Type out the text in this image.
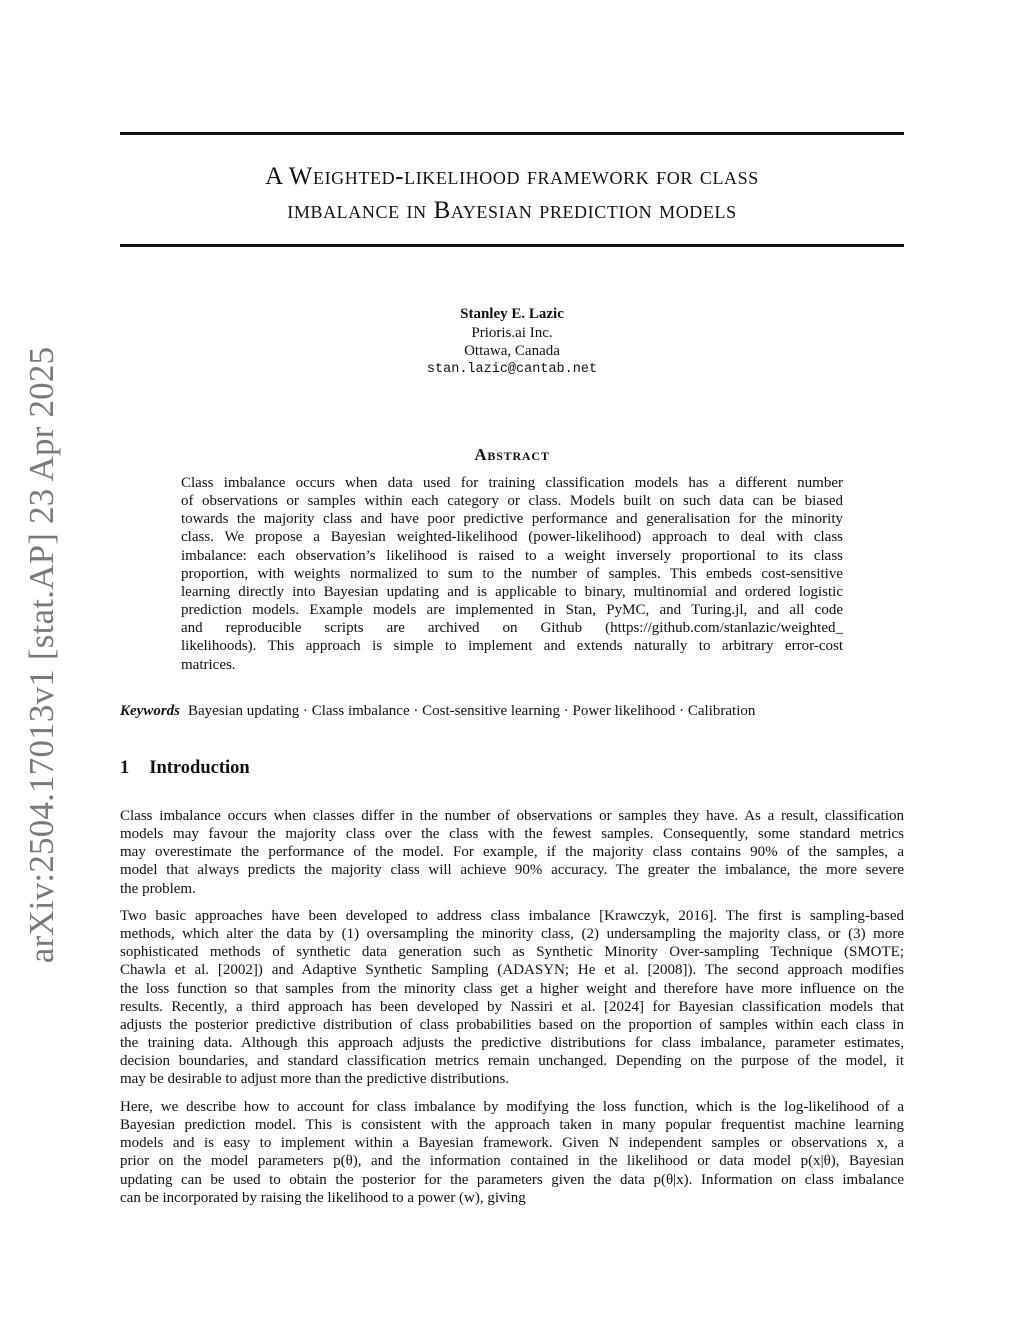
arXiv:2504.17013v1 [stat.AP] 23 Apr 2025
A Weighted-likelihood framework for class
imbalance in Bayesian prediction models
Stanley E. Lazic
Prioris.ai Inc.
Ottawa, Canada
stan.lazic@cantab.net
Abstract
Class imbalance occurs when data used for training classification models has a different number
of observations or samples within each category or class. Models built on such data can be biased
towards the majority class and have poor predictive performance and generalisation for the minority
class. We propose a Bayesian weighted-likelihood (power-likelihood) approach to deal with class
imbalance: each observation’s likelihood is raised to a weight inversely proportional to its class
proportion, with weights normalized to sum to the number of samples. This embeds cost-sensitive
learning directly into Bayesian updating and is applicable to binary, multinomial and ordered logistic
prediction models. Example models are implemented in Stan, PyMC, and Turing.jl, and all code
and reproducible scripts are archived on Github (https://github.com/stanlazic/weighted_
likelihoods). This approach is simple to implement and extends naturally to arbitrary error-cost
matrices.
Keywords Bayesian updating · Class imbalance · Cost-sensitive learning · Power likelihood · Calibration
1 Introduction
Class imbalance occurs when classes differ in the number of observations or samples they have. As a result, classification
models may favour the majority class over the class with the fewest samples. Consequently, some standard metrics
may overestimate the performance of the model. For example, if the majority class contains 90% of the samples, a
model that always predicts the majority class will achieve 90% accuracy. The greater the imbalance, the more severe
the problem.
Two basic approaches have been developed to address class imbalance [Krawczyk, 2016]. The first is sampling-based
methods, which alter the data by (1) oversampling the minority class, (2) undersampling the majority class, or (3) more
sophisticated methods of synthetic data generation such as Synthetic Minority Over-sampling Technique (SMOTE;
Chawla et al. [2002]) and Adaptive Synthetic Sampling (ADASYN; He et al. [2008]). The second approach modifies
the loss function so that samples from the minority class get a higher weight and therefore have more influence on the
results. Recently, a third approach has been developed by Nassiri et al. [2024] for Bayesian classification models that
adjusts the posterior predictive distribution of class probabilities based on the proportion of samples within each class in
the training data. Although this approach adjusts the predictive distributions for class imbalance, parameter estimates,
decision boundaries, and standard classification metrics remain unchanged. Depending on the purpose of the model, it
may be desirable to adjust more than the predictive distributions.
Here, we describe how to account for class imbalance by modifying the loss function, which is the log-likelihood of a
Bayesian prediction model. This is consistent with the approach taken in many popular frequentist machine learning
models and is easy to implement within a Bayesian framework. Given N independent samples or observations x, a
prior on the model parameters p(θ), and the information contained in the likelihood or data model p(x|θ), Bayesian
updating can be used to obtain the posterior for the parameters given the data p(θ|x). Information on class imbalance
can be incorporated by raising the likelihood to a power (w), giving
